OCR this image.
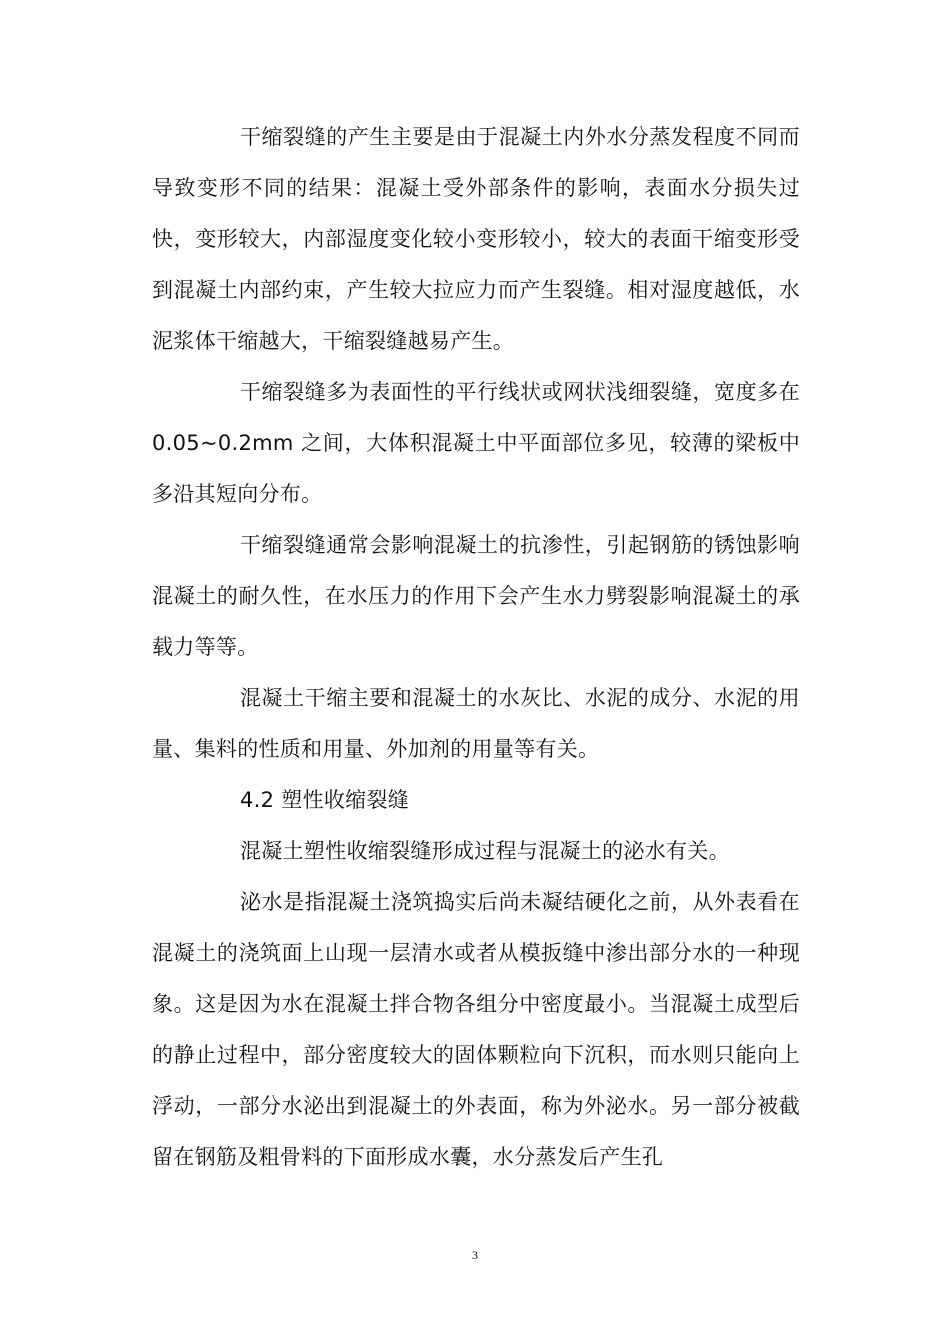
干缩裂缝的产生主要是由于混凝土内外水分蒸发程度不同而导致变形不同的结果：混凝土受外部条件的影响，表面水分损失过快，变形较大，内部湿度变化较小变形较小，较大的表面干缩变形受到混凝土内部约束，产生较大拉应力而产生裂缝。相对湿度越低，水泥浆体干缩越大，干缩裂缝越易产生。

干缩裂缝多为表面性的平行线状或网状浅细裂缝，宽度多在 0.05~0.2mm 之间，大体积混凝土中平面部位多见，较薄的梁板中多沿其短向分布。

干缩裂缝通常会影响混凝土的抗渗性，引起钢筋的锈蚀影响混凝土的耐久性，在水压力的作用下会产生水力劈裂影响混凝土的承载力等等。

混凝土干缩主要和混凝土的水灰比、水泥的成分、水泥的用量、集料的性质和用量、外加剂的用量等有关。

4.2 塑性收缩裂缝

混凝土塑性收缩裂缝形成过程与混凝土的泌水有关。

泌水是指混凝土浇筑捣实后尚未凝结硬化之前，从外表看在混凝土的浇筑面上山现一层清水或者从模扳缝中渗出部分水的一种现象。这是因为水在混凝土拌合物各组分中密度最小。当混凝土成型后的静止过程中，部分密度较大的固体颗粒向下沉积，而水则只能向上浮动，一部分水泌出到混凝土的外表面，称为外泌水。另一部分被截留在钢筋及粗骨料的下面形成水囊，水分蒸发后产生孔

3
